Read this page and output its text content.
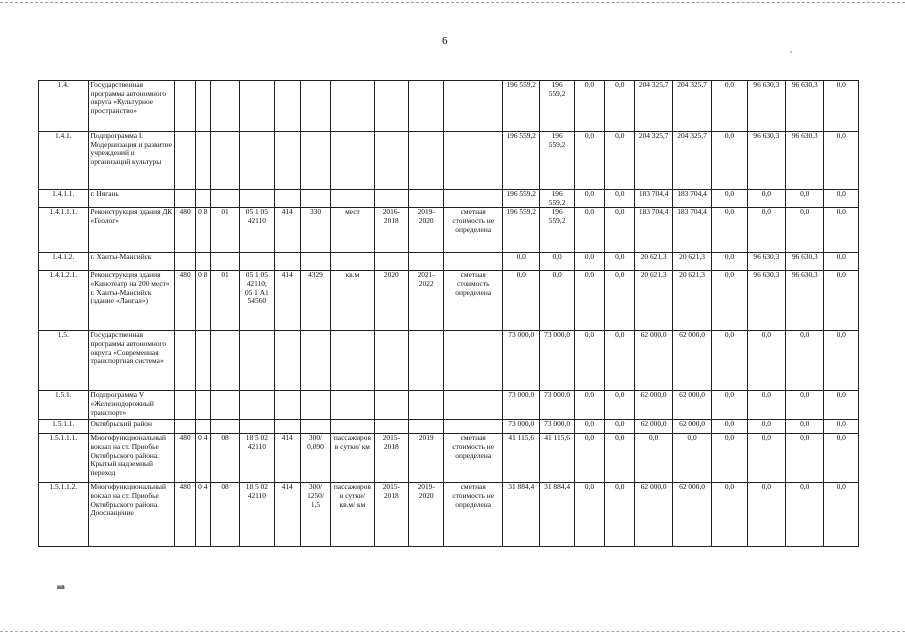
6
,
1.4.	Государственная программа автономного округа «Культурное пространство»											196 559,2	196 559,2	0,0	0,0	204 325,7	204 325,7	0,0	96 630,3	96 630,3	0,0
1.4.1.	Подпрограмма I. Модернизация и развитие учреждений и организаций культуры											196 559,2	196 559,2	0,0	0,0	204 325,7	204 325,7	0,0	96 630,3	96 630,3	0,0
1.4.1.1.	г. Нягань											196 559,2	196 559,2	0,0	0,0	183 704,4	183 704,4	0,0	0,0	0,0	0,0
1.4.1.1.1.	Реконструкция здания ДК «Геолог»	480	0 8	01	05 1 05 42110	414	330	мест	2016-2018	2019-2020	сметная стоимость не определена	196 559,2	196 559,2	0,0	0,0	183 704,4	183 704,4	0,0	0,0	0,0	0,0
1.4.1.2.	г. Ханты-Мансийск											0,0	0,0	0,0	0,0	20 621,3	20 621,3	0,0	96 630,3	96 630,3	0,0
1.4.1.2.1.	Реконструкция здания «Кинотеатр на 200 мест» г. Ханты-Мансийск (здание «Лангал»)	480	0 8	01	05 1 05 42110; 05 1 А1 54560	414	4329	кв.м	2020	2021-2022	сметная стоимость определена	0,0	0,0	0,0	0,0	20 621,3	20 621,3	0,0	96 630,3	96 630,3	0,0
1.5.	Государственная программа автономного округа «Современная транспортная система»											73 000,0	73 000,0	0,0	0,0	62 000,0	62 000,0	0,0	0,0	0,0	0,0
1.5.1.	Подпрограмма V «Железнодорожный транспорт»											73 000,0	73 000,0	0,0	0,0	62 000,0	62 000,0	0,0	0,0	0,0	0,0
1.5.1.1.	Октябрьский район											73 000,0	73 000,0	0,0	0,0	62 000,0	62 000,0	0,0	0,0	0,0	0,0
1.5.1.1.1.	Многофункциональный вокзал на ст. Приобье Октябрьского района. Крытый надземный переход	480	0 4	08	18 5 02 42110	414	300/ 0,090	пассажиров в сутки/ км	2015-2018	2019	сметная стоимость не определена	41 115,6	41 115,6	0,0	0,0	0,0	0,0	0,0	0,0	0,0	0,0
1.5.1.1.2.	Многофункциональный вокзал на ст. Приобье Октябрьского района. Дооснащение	480	0 4	08	18 5 02 42110	414	300/ 1250/ 1,5	пассажиров в сутки/ кв.м/ км	2015-2018	2019-2020	сметная стоимость не определена	31 884,4	31 884,4	0,0	0,0	62 000,0	62 000,0	0,0	0,0	0,0	0,0
нв
